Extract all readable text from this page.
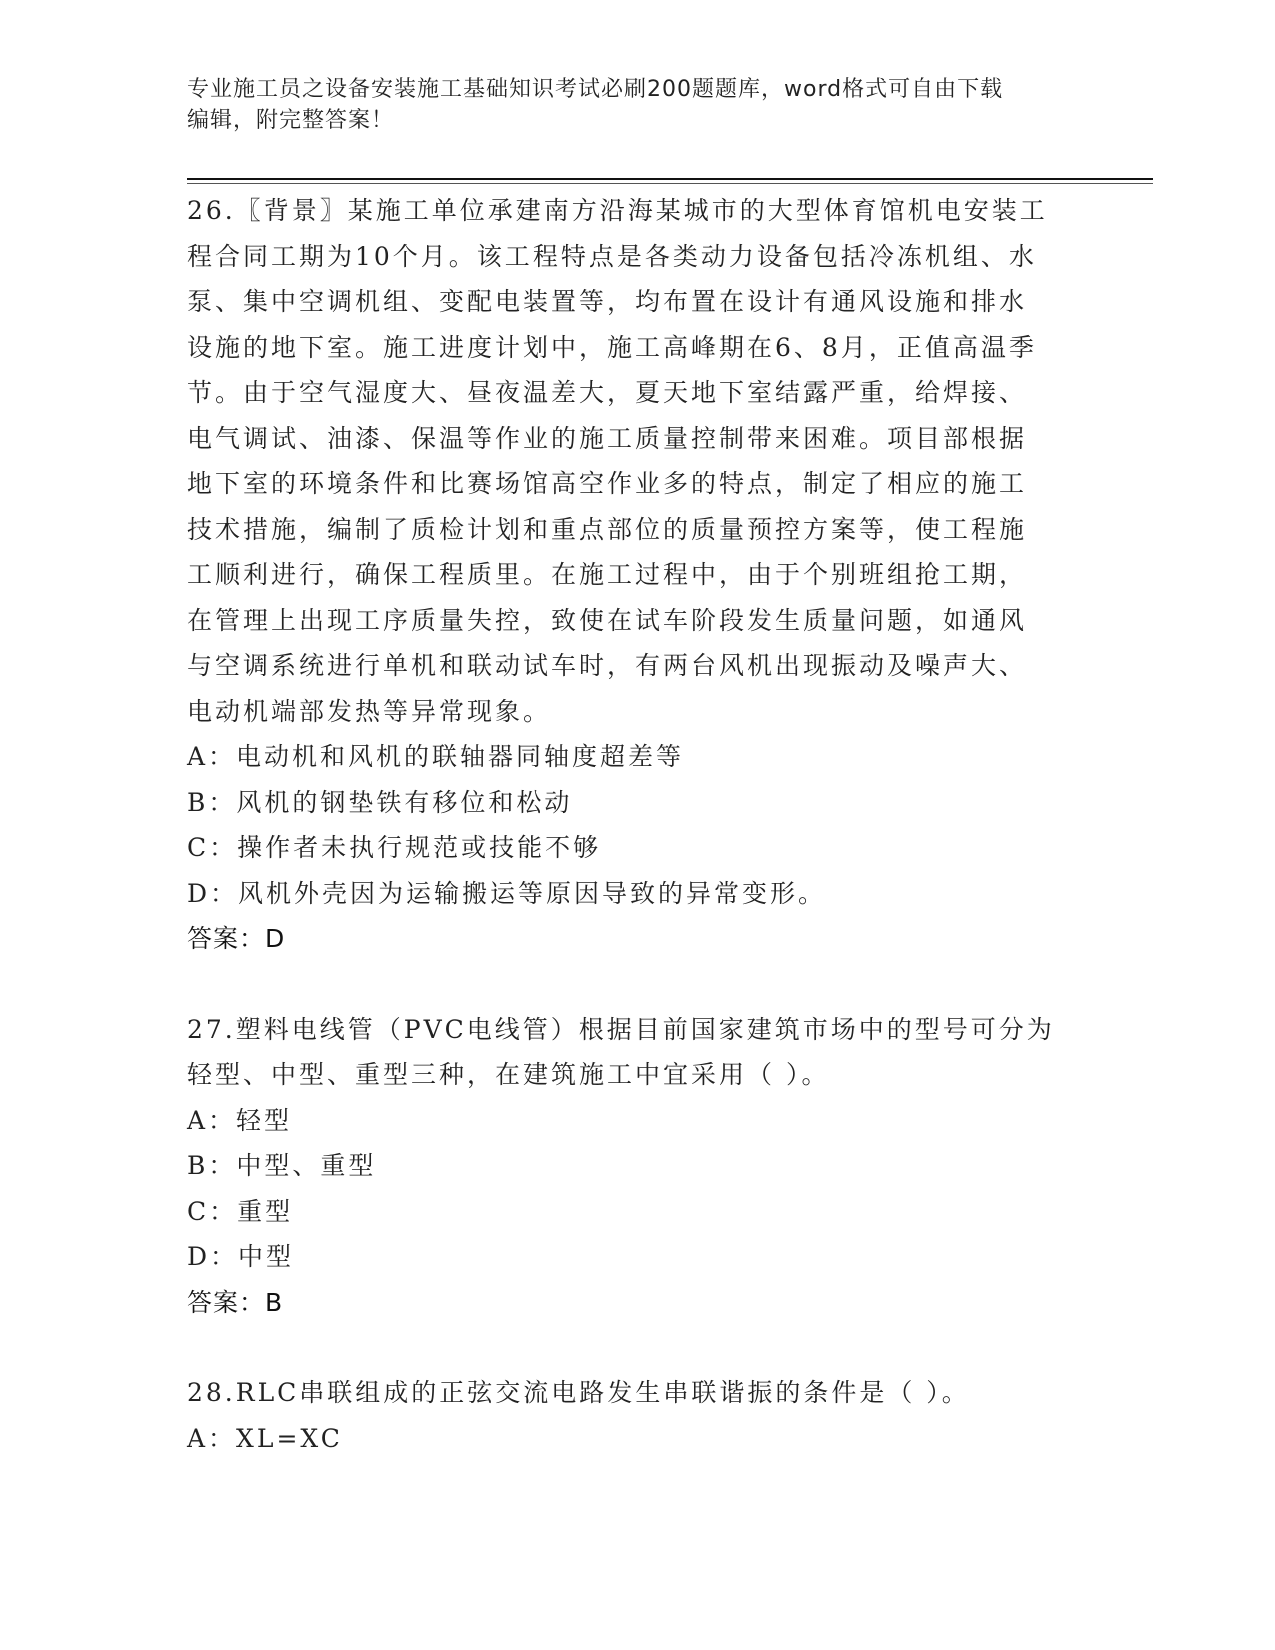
专业施工员之设备安装施工基础知识考试必刷200题题库，word格式可自由下载
编辑，附完整答案！

26.〖背景〗某施工单位承建南方沿海某城市的大型体育馆机电安装工

程合同工期为10个月。该工程特点是各类动力设备包括冷冻机组、水

泵、集中空调机组、变配电装置等，均布置在设计有通风设施和排水

设施的地下室。施工进度计划中，施工高峰期在6、8月，正值高温季

节。由于空气湿度大、昼夜温差大，夏天地下室结露严重，给焊接、

电气调试、油漆、保温等作业的施工质量控制带来困难。项目部根据

地下室的环境条件和比赛场馆高空作业多的特点，制定了相应的施工

技术措施，编制了质检计划和重点部位的质量预控方案等，使工程施

工顺利进行，确保工程质里。在施工过程中，由于个别班组抢工期，

在管理上出现工序质量失控，致使在试车阶段发生质量问题，如通风

与空调系统进行单机和联动试车时，有两台风机出现振动及噪声大、

电动机端部发热等异常现象。

A：电动机和风机的联轴器同轴度超差等

B：风机的钢垫铁有移位和松动

C：操作者未执行规范或技能不够

D：风机外壳因为运输搬运等原因导致的异常变形。

答案：D

27.塑料电线管（PVC电线管）根据目前国家建筑市场中的型号可分为

轻型、中型、重型三种，在建筑施工中宜采用（ ）。

A：轻型

B：中型、重型

C：重型

D：中型

答案：B

28.RLC串联组成的正弦交流电路发生串联谐振的条件是（ ）。

A：XL=XC
